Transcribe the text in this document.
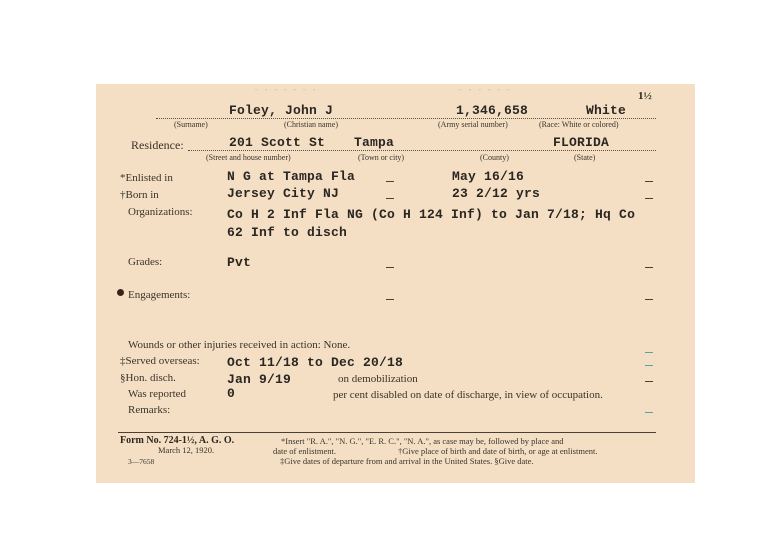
- - - - - - -	- - - - - -	1½
Foley, John J	1,346,658	White
(Surname)	(Christian name)	(Army serial number)	(Race: White or colored)
Residence:	201 Scott St Tampa	FLORIDA
(Street and house number)	(Town or city)	(County)	(State)
*Enlisted in	N G at Tampa Fla	May 16/16
†Born in	Jersey City NJ	23 2/12 yrs
Organizations:	Co H 2 Inf Fla NG (Co H 124 Inf) to Jan 7/18; Hq Co
62 Inf to disch
Grades:	Pvt
Engagements:
Wounds or other injuries received in action: None.
‡Served overseas: Oct 11/18 to Dec 20/18
§Hon. disch.	Jan 9/19	on demobilization
Was reported	0	per cent disabled on date of discharge, in view of occupation.
Remarks:
Form No. 724-1½, A. G. O.
March 12, 1920.
3—7658
*Insert "R. A.", "N. G.", "E. R. C.", "N. A.", as case may be, followed by place and
date of enlistment.	†Give place of birth and date of birth, or age at enlistment.
‡Give dates of departure from and arrival in the United States. §Give date.
